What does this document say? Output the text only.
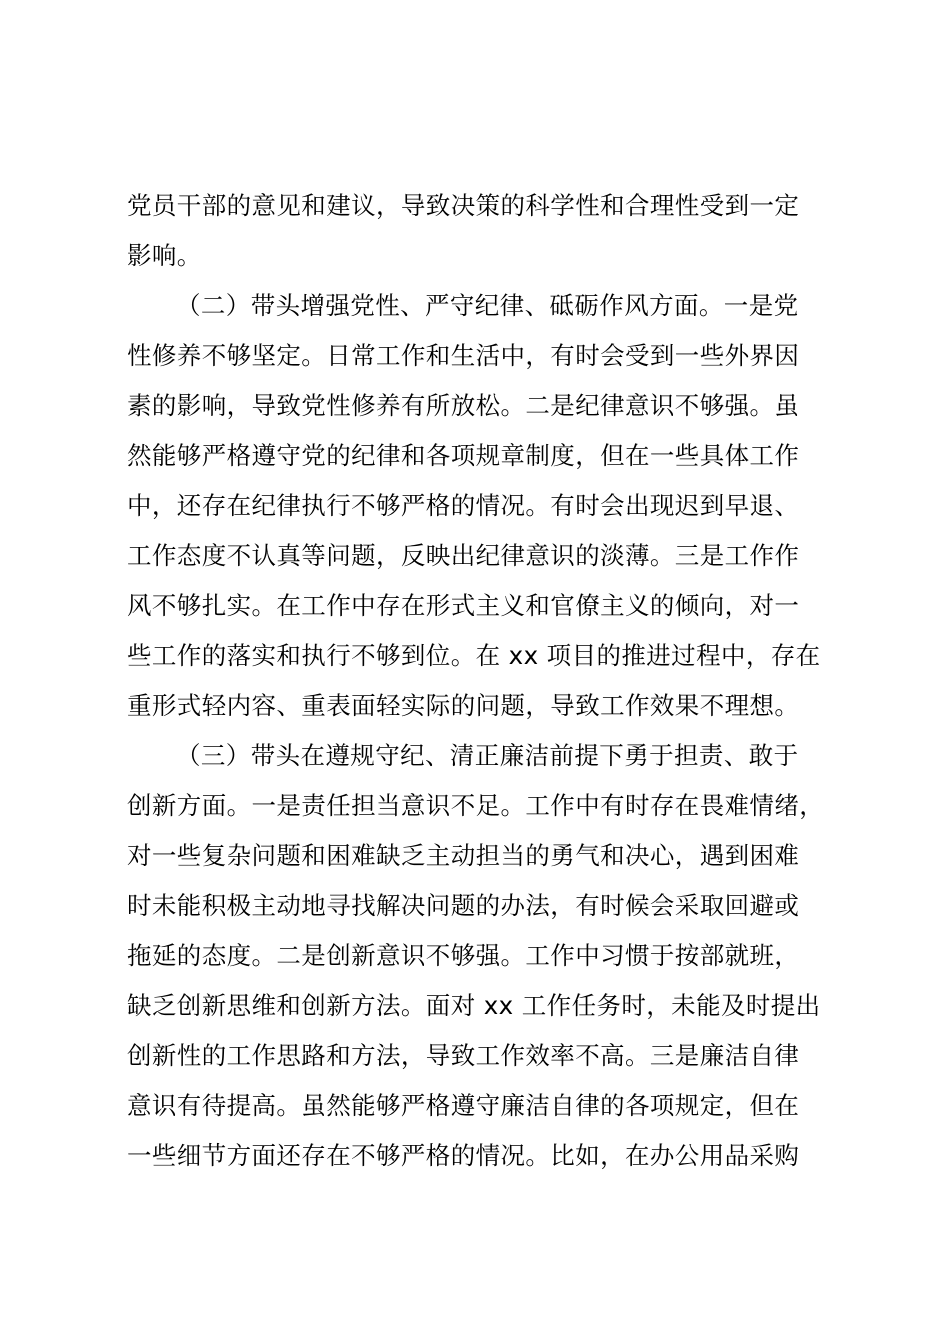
党员干部的意见和建议，导致决策的科学性和合理性受到一定
影响。
（二）带头增强党性、严守纪律、砥砺作风方面。一是党
性修养不够坚定。日常工作和生活中，有时会受到一些外界因
素的影响，导致党性修养有所放松。二是纪律意识不够强。虽
然能够严格遵守党的纪律和各项规章制度，但在一些具体工作
中，还存在纪律执行不够严格的情况。有时会出现迟到早退、
工作态度不认真等问题，反映出纪律意识的淡薄。三是工作作
风不够扎实。在工作中存在形式主义和官僚主义的倾向，对一
些工作的落实和执行不够到位。在 xx 项目的推进过程中，存在
重形式轻内容、重表面轻实际的问题，导致工作效果不理想。
（三）带头在遵规守纪、清正廉洁前提下勇于担责、敢于
创新方面。一是责任担当意识不足。工作中有时存在畏难情绪，
对一些复杂问题和困难缺乏主动担当的勇气和决心，遇到困难
时未能积极主动地寻找解决问题的办法，有时候会采取回避或
拖延的态度。二是创新意识不够强。工作中习惯于按部就班，
缺乏创新思维和创新方法。面对 xx 工作任务时，未能及时提出
创新性的工作思路和方法，导致工作效率不高。三是廉洁自律
意识有待提高。虽然能够严格遵守廉洁自律的各项规定，但在
一些细节方面还存在不够严格的情况。比如，在办公用品采购
